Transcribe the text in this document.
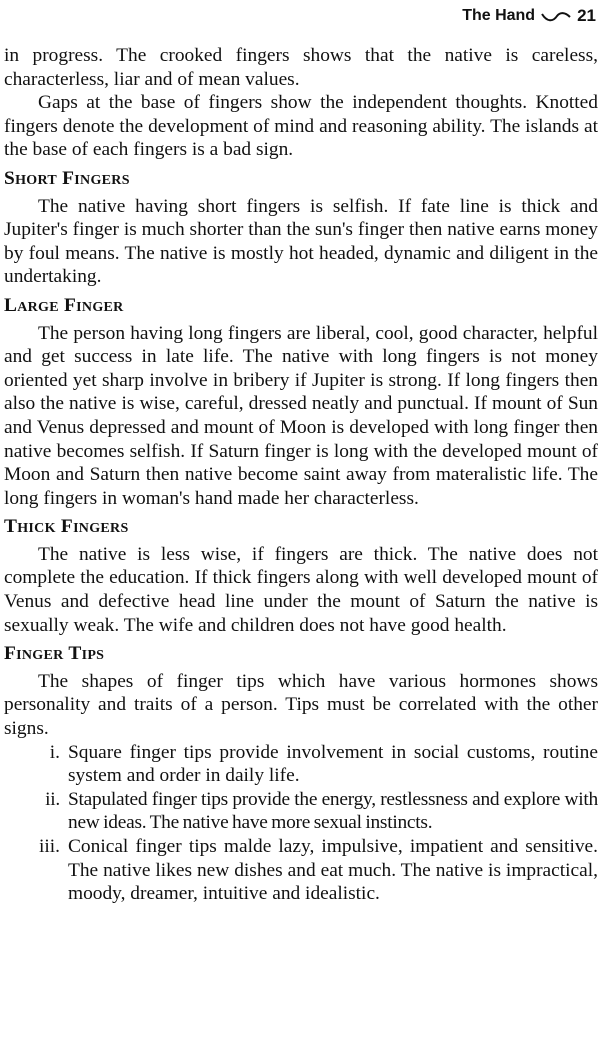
The Hand 21

in progress. The crooked fingers shows that the native is careless, characterless, liar and of mean values.

Gaps at the base of fingers show the independent thoughts. Knotted fingers denote the development of mind and reasoning ability. The islands at the base of each fingers is a bad sign.

Short Fingers

The native having short fingers is selfish. If fate line is thick and Jupiter's finger is much shorter than the sun's finger then native earns money by foul means. The native is mostly hot headed, dynamic and diligent in the undertaking.

Large Finger

The person having long fingers are liberal, cool, good character, helpful and get success in late life. The native with long fingers is not money oriented yet sharp involve in bribery if Jupiter is strong. If long fingers then also the native is wise, careful, dressed neatly and punctual. If mount of Sun and Venus depressed and mount of Moon is developed with long finger then native becomes selfish. If Saturn finger is long with the developed mount of Moon and Saturn then native become saint away from materalistic life. The long fingers in woman's hand made her characterless.

Thick Fingers

The native is less wise, if fingers are thick. The native does not complete the education. If thick fingers along with well developed mount of Venus and defective head line under the mount of Saturn the native is sexually weak. The wife and children does not have good health.

Finger Tips

The shapes of finger tips which have various hormones shows personality and traits of a person. Tips must be correlated with the other signs.

i. Square finger tips provide involvement in social customs, routine system and order in daily life.
ii. Stapulated finger tips provide the energy, restlessness and explore with new ideas. The native have more sexual instincts.
iii. Conical finger tips malde lazy, impulsive, impatient and sensitive. The native likes new dishes and eat much. The native is impractical, moody, dreamer, intuitive and idealistic.
